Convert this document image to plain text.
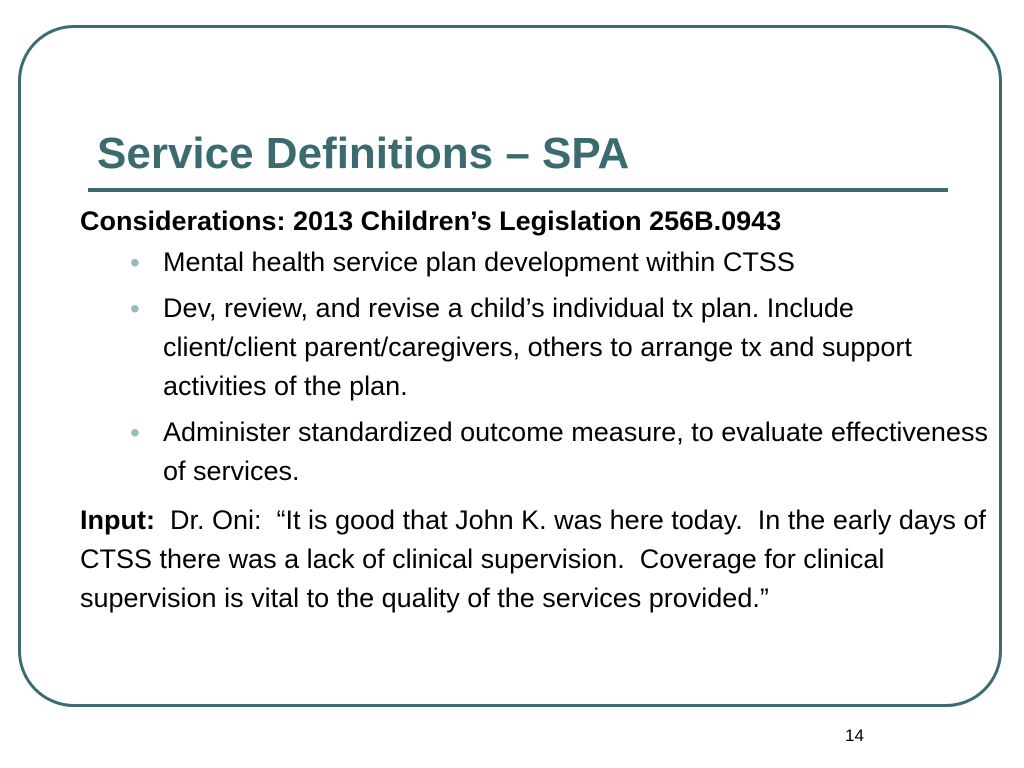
Service Definitions – SPA

Considerations: 2013 Children’s Legislation 256B.0943

• Mental health service plan development within CTSS
• Dev, review, and revise a child’s individual tx plan. Include client/client parent/caregivers, others to arrange tx and support activities of the plan.
• Administer standardized outcome measure, to evaluate effectiveness of services.

Input:  Dr. Oni:  “It is good that John K. was here today.  In the early days of CTSS there was a lack of clinical supervision.  Coverage for clinical supervision is vital to the quality of the services provided.”

14
